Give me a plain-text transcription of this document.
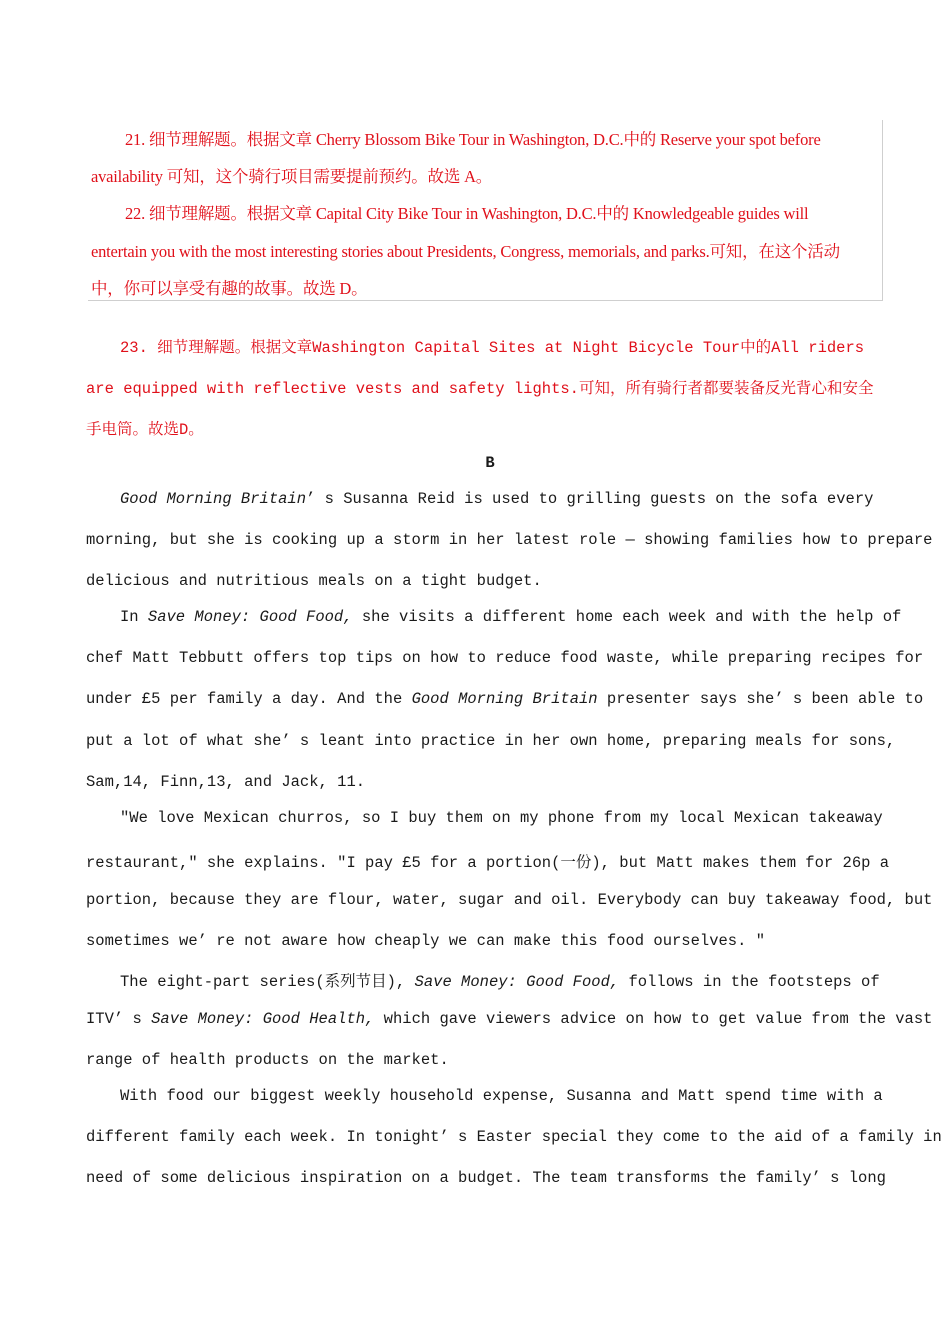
21. 细节理解题。根据文章 Cherry Blossom Bike Tour in Washington, D.C.中的 Reserve your spot before
availability 可知，这个骑行项目需要提前预约。故选 A。
22. 细节理解题。根据文章 Capital City Bike Tour in Washington, D.C.中的 Knowledgeable guides will
entertain you with the most interesting stories about Presidents, Congress, memorials, and parks.可知，在这个活动
中，你可以享受有趣的故事。故选 D。
23. 细节理解题。根据文章Washington Capital Sites at Night Bicycle Tour中的All riders
are equipped with reflective vests and safety lights.可知，所有骑行者都要装备反光背心和安全
手电筒。故选D。
B
Good Morning Britain’ s Susanna Reid is used to grilling guests on the sofa every
morning, but she is cooking up a storm in her latest role — showing families how to prepare
delicious and nutritious meals on a tight budget.
In Save Money: Good Food, she visits a different home each week and with the help of
chef Matt Tebbutt offers top tips on how to reduce food waste, while preparing recipes for
under £5 per family a day. And the Good Morning Britain presenter says she’ s been able to
put a lot of what she’ s leant into practice in her own home, preparing meals for sons,
Sam,14, Finn,13, and Jack, 11.
"We love Mexican churros, so I buy them on my phone from my local Mexican takeaway
restaurant," she explains. "I pay £5 for a portion(一份), but Matt makes them for 26p a
portion, because they are flour, water, sugar and oil. Everybody can buy takeaway food, but
sometimes we’ re not aware how cheaply we can make this food ourselves. "
The eight-part series(系列节目), Save Money: Good Food, follows in the footsteps of
ITV’ s Save Money: Good Health, which gave viewers advice on how to get value from the vast
range of health products on the market.
With food our biggest weekly household expense, Susanna and Matt spend time with a
different family each week. In tonight’ s Easter special they come to the aid of a family in
need of some delicious inspiration on a budget. The team transforms the family’ s long
